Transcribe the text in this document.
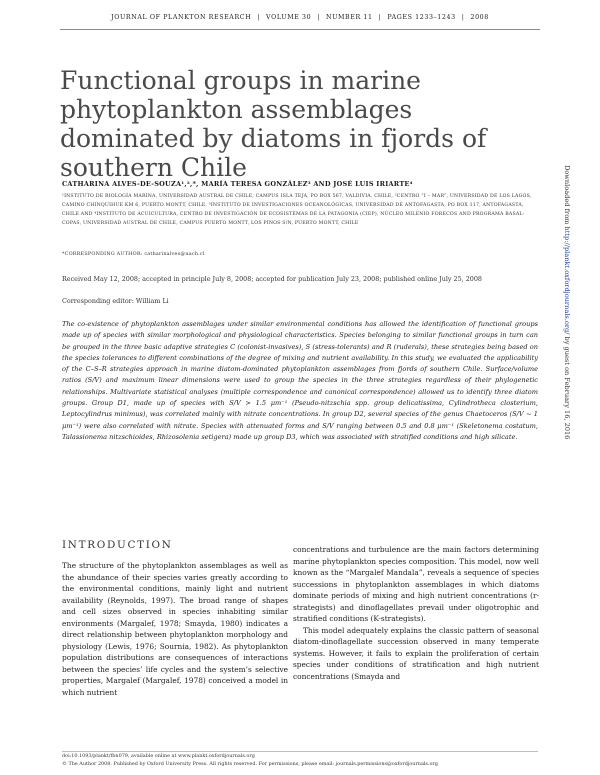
JOURNAL OF PLANKTON RESEARCH | VOLUME 30 | NUMBER 11 | PAGES 1233–1243 | 2008
Functional groups in marine phytoplankton assemblages dominated by diatoms in fjords of southern Chile
CATHARINA ALVES-DE-SOUZA¹,²,*, MARÍA TERESA GONZÁLEZ³ AND JOSÉ LUIS IRIARTE⁴
¹INSTITUTO DE BIOLOGÍA MARINA, UNIVERSIDAD AUSTRAL DE CHILE, CAMPUS ISLA TEJA, PO BOX 567, VALDIVIA, CHILE, ²CENTRO “I – MAR”, UNIVERSIDAD DE LOS LAGOS, CAMINO CHINQUIHUE KM 6, PUERTO MONTT, CHILE, ³INSTITUTO DE INVESTIGACIONES OCEANOLÓGICAS, UNIVERSIDAD DE ANTOFAGASTA, PO BOX 117, ANTOFAGASTA, CHILE AND ⁴INSTITUTO DE ACUICULTURA, CENTRO DE INVESTIGACIÓN DE ECOSISTEMAS DE LA PATAGONIA (CIEP), NÚCLEO MILENIO FORECOS AND PROGRAMA BASAL-COPAS, UNIVERSIDAD AUSTRAL DE CHILE, CAMPUS PUERTO MONTT, LOS PINOS S/N, PUERTO MONTT, CHILE
*CORRESPONDING AUTHOR: catharinalves@uach.cl
Received May 12, 2008; accepted in principle July 8, 2008; accepted for publication July 23, 2008; published online July 25, 2008
Corresponding editor: William Li

The co-existence of phytoplankton assemblages under similar environmental conditions has allowed the identification of functional groups made up of species with similar morphological and physiological characteristics. Species belonging to similar functional groups in turn can be grouped in the three basic adaptive strategies C (colonist-invasives), S (stress-tolerants) and R (ruderals), these strategies being based on the species tolerances to different combinations of the degree of mixing and nutrient availability. In this study, we evaluated the applicability of the C–S–R strategies approach in marine diatom-dominated phytoplankton assemblages from fjords of southern Chile. Surface/volume ratios (S/V) and maximum linear dimensions were used to group the species in the three strategies regardless of their phylogenetic relationships. Multivariate statistical analyses (multiple correspondence and canonical correspondence) allowed us to identify three diatom groups. Group D1, made up of species with S/V > 1.5 μm⁻¹ (Pseudo-nitzschia spp. group delicatissima, Cylindrotheca closterium, Leptocylindrus minimus), was correlated mainly with nitrate concentrations. In group D2, several species of the genus Chaetoceros (S/V ~ 1 μm⁻¹) were also correlated with nitrate. Species with attenuated forms and S/V ranging between 0.5 and 0.8 μm⁻¹ (Skeletonema costatum, Talassionema nitzschioides, Rhizosolenia setigera) made up group D3, which was associated with stratified conditions and high silicate.

Downloaded from http://plankt.oxfordjournals.org/ by guest on February 16, 2016
INTRODUCTION

The structure of the phytoplankton assemblages as well as the abundance of their species varies greatly according to the environmental conditions, mainly light and nutrient availability (Reynolds, 1997). The broad range of shapes and cell sizes observed in species inhabiting similar environments (Margalef, 1978; Smayda, 1980) indicates a direct relationship between phytoplankton morphology and physiology (Lewis, 1976; Sournia, 1982). As phytoplankton population distributions are consequences of interactions between the species’ life cycles and the system’s selective properties, Margalef (Margalef, 1978) conceived a model in which nutrient

concentrations and turbulence are the main factors determining marine phytoplankton species composition. This model, now well known as the “Margalef Mandala”, reveals a sequence of species successions in phytoplankton assemblages in which diatoms dominate periods of mixing and high nutrient concentrations (r-strategists) and dinoflagellates prevail under oligotrophic and stratified conditions (K-strategists).

This model adequately explains the classic pattern of seasonal diatom-dinoflagellate succession observed in many temperate systems. However, it fails to explain the proliferation of certain species under conditions of stratification and high nutrient concentrations (Smayda and

doi:10.1093/plankt/fbn079, available online at www.plankt.oxfordjournals.org
© The Author 2008. Published by Oxford University Press. All rights reserved. For permissions, please email: journals.permissions@oxfordjournals.org
